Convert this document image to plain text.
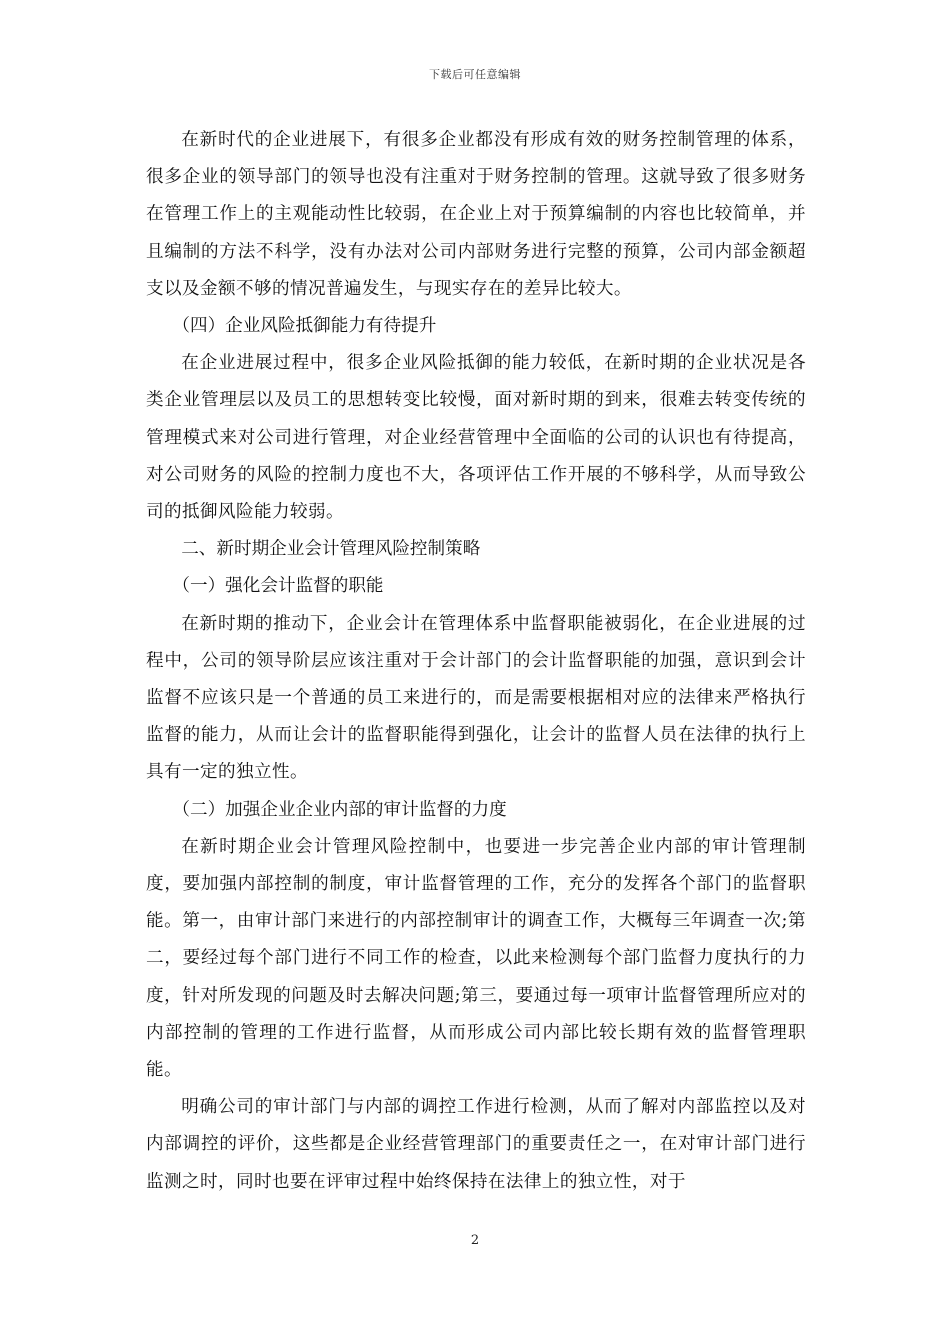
下载后可任意编辑

在新时代的企业进展下，有很多企业都没有形成有效的财务控制管理的体系，很多企业的领导部门的领导也没有注重对于财务控制的管理。这就导致了很多财务在管理工作上的主观能动性比较弱，在企业上对于预算编制的内容也比较简单，并且编制的方法不科学，没有办法对公司内部财务进行完整的预算，公司内部金额超支以及金额不够的情况普遍发生，与现实存在的差异比较大。

（四）企业风险抵御能力有待提升

在企业进展过程中，很多企业风险抵御的能力较低，在新时期的企业状况是各类企业管理层以及员工的思想转变比较慢，面对新时期的到来，很难去转变传统的管理模式来对公司进行管理，对企业经营管理中全面临的公司的认识也有待提高，对公司财务的风险的控制力度也不大，各项评估工作开展的不够科学，从而导致公司的抵御风险能力较弱。

二、新时期企业会计管理风险控制策略

（一）强化会计监督的职能

在新时期的推动下，企业会计在管理体系中监督职能被弱化，在企业进展的过程中，公司的领导阶层应该注重对于会计部门的会计监督职能的加强，意识到会计监督不应该只是一个普通的员工来进行的，而是需要根据相对应的法律来严格执行监督的能力，从而让会计的监督职能得到强化，让会计的监督人员在法律的执行上具有一定的独立性。

（二）加强企业企业内部的审计监督的力度

在新时期企业会计管理风险控制中，也要进一步完善企业内部的审计管理制度，要加强内部控制的制度，审计监督管理的工作，充分的发挥各个部门的监督职能。第一，由审计部门来进行的内部控制审计的调查工作，大概每三年调查一次;第二，要经过每个部门进行不同工作的检查，以此来检测每个部门监督力度执行的力度，针对所发现的问题及时去解决问题;第三，要通过每一项审计监督管理所应对的内部控制的管理的工作进行监督，从而形成公司内部比较长期有效的监督管理职能。

明确公司的审计部门与内部的调控工作进行检测，从而了解对内部监控以及对内部调控的评价，这些都是企业经营管理部门的重要责任之一，在对审计部门进行监测之时，同时也要在评审过程中始终保持在法律上的独立性，对于

2
